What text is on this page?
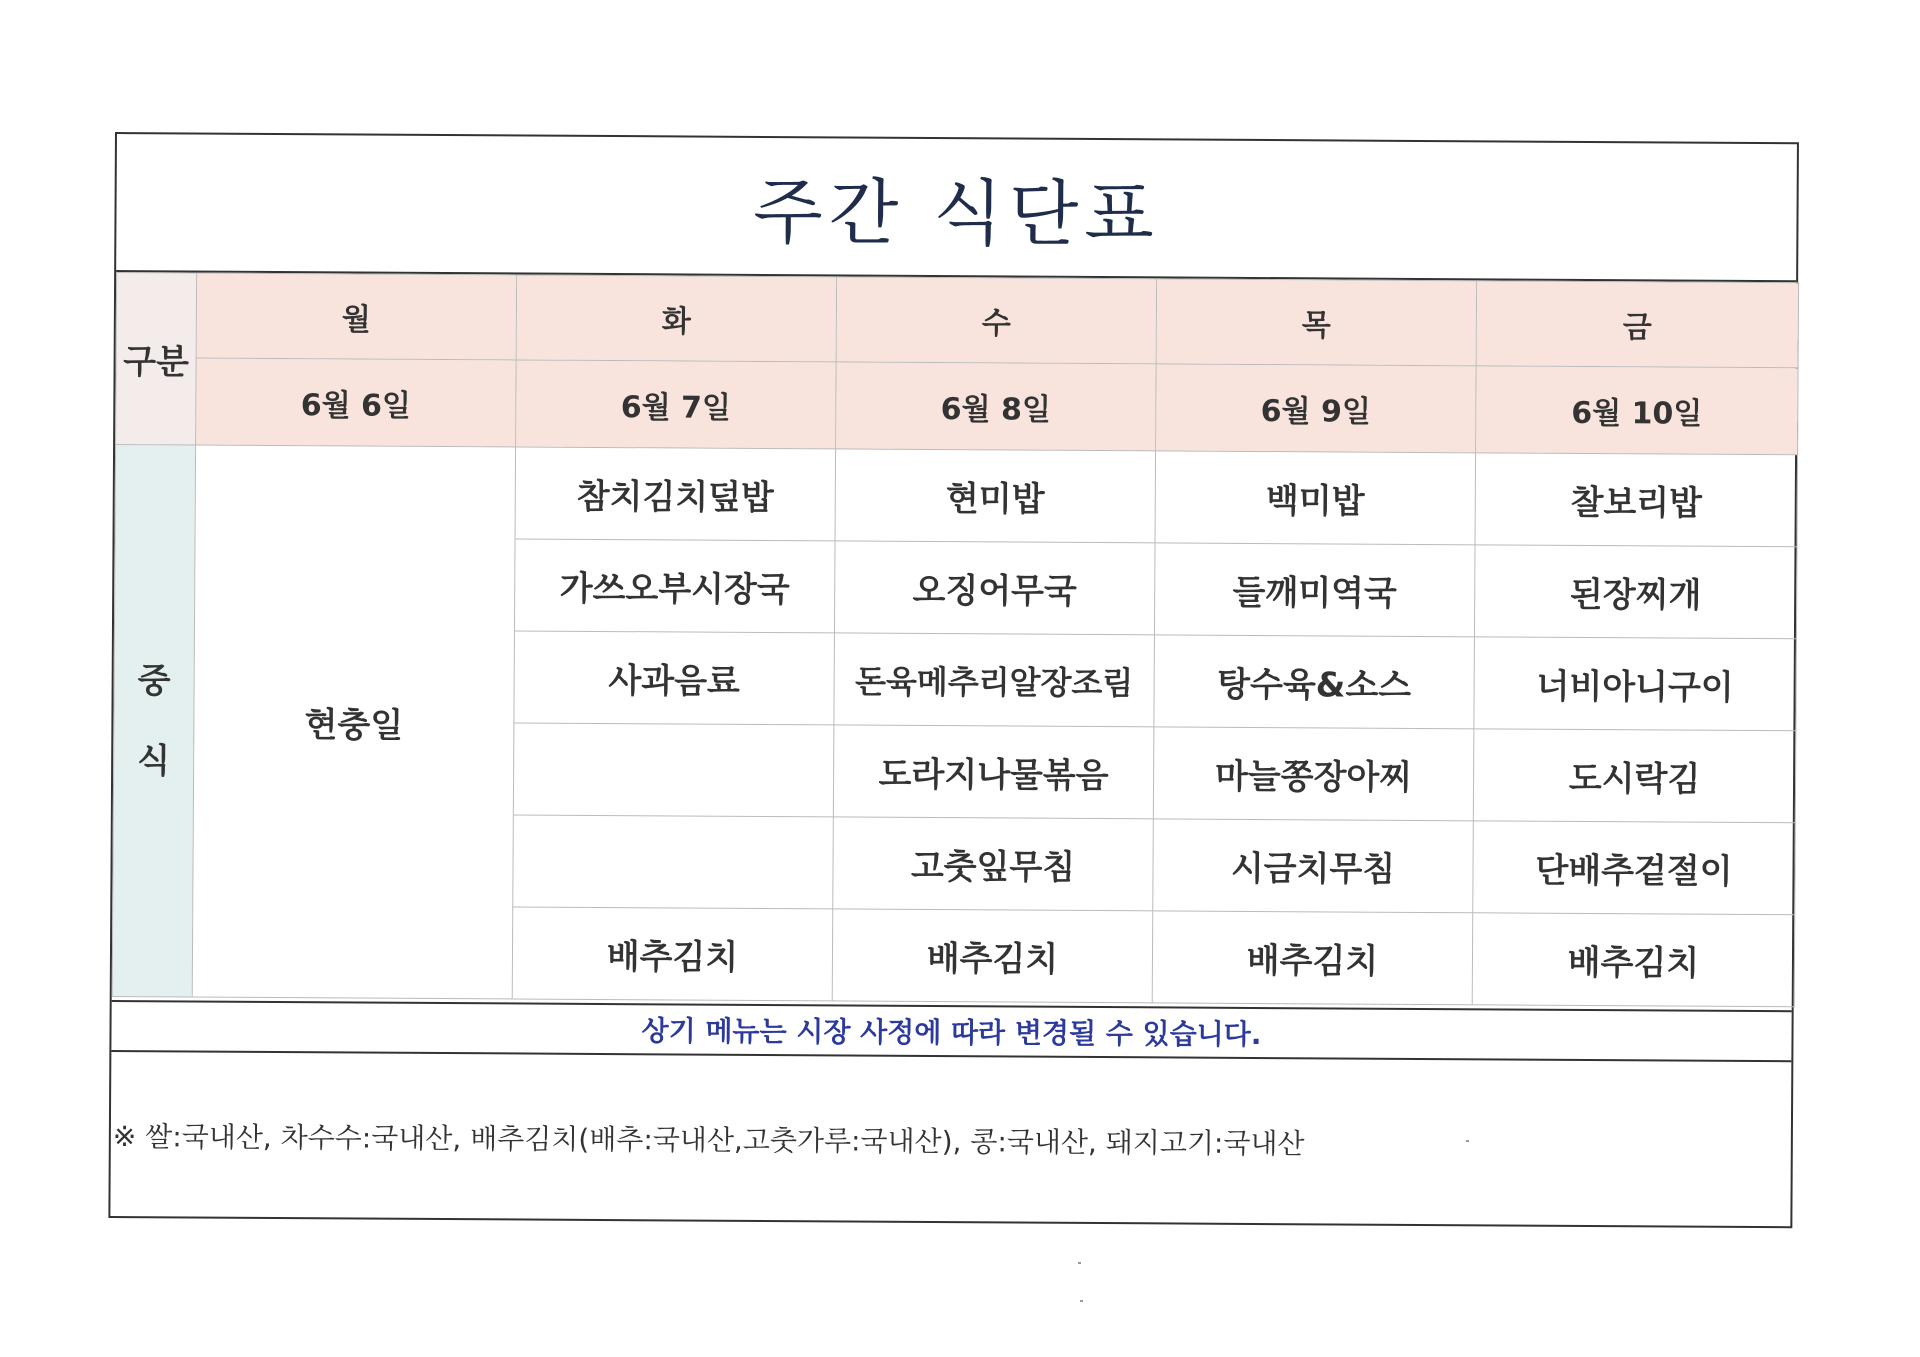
주간 식단표
구분	월	화	수	목	금
	6월 6일	6월 7일	6월 8일	6월 9일	6월 10일
중
식	현충일	참치김치덮밥	현미밥	백미밥	찰보리밥
		가쓰오부시장국	오징어무국	들깨미역국	된장찌개
		사과음료	돈육메추리알장조림	탕수육&소스	너비아니구이
			도라지나물볶음	마늘쫑장아찌	도시락김
			고춧잎무침	시금치무침	단배추겉절이
		배추김치	배추김치	배추김치	배추김치
상기 메뉴는 시장 사정에 따라 변경될 수 있습니다.
※ 쌀:국내산, 차수수:국내산, 배추김치(배추:국내산,고춧가루:국내산), 콩:국내산, 돼지고기:국내산
